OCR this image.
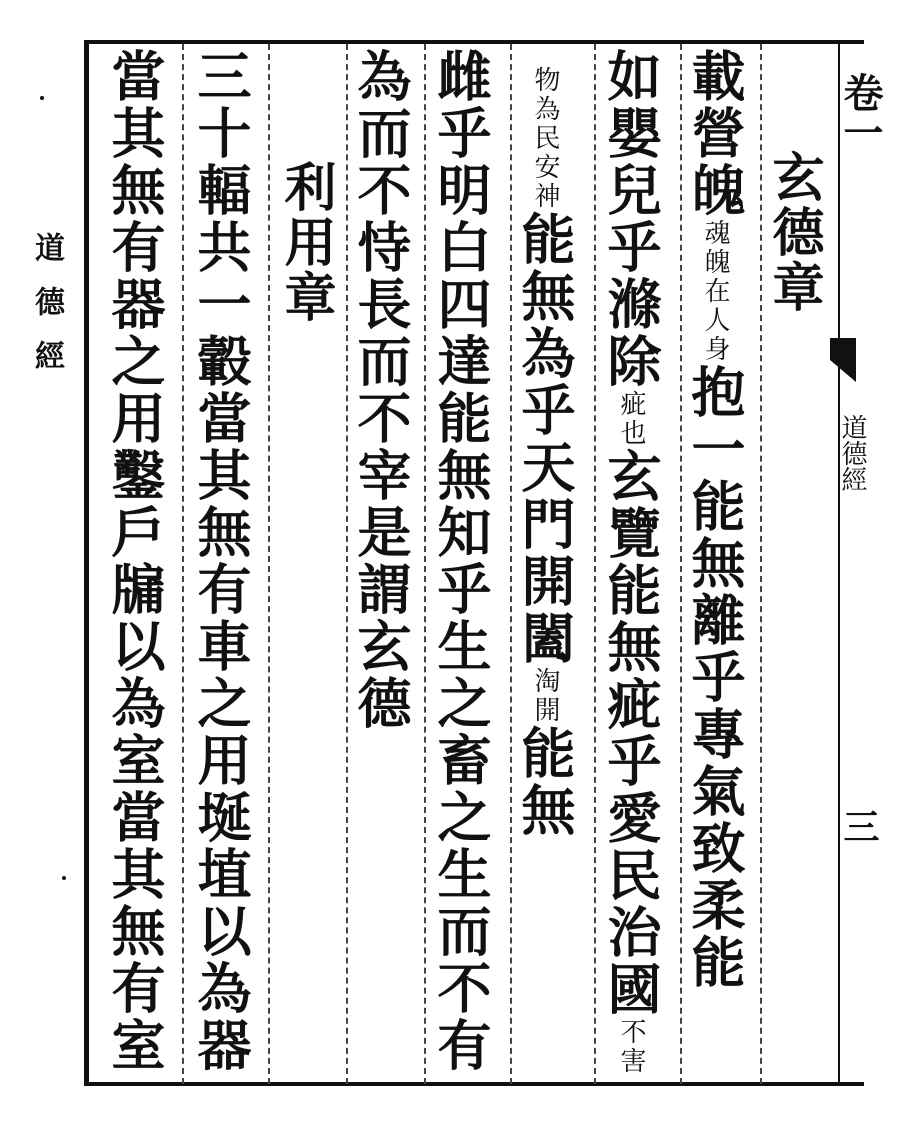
道德經
卷一
道德經
三
玄德章
載營魄魂魄在人身抱一能無離乎專氣致柔能
如嬰兒乎滌除疵也玄覽能無疵乎愛民治國不害
物為民安神能無為乎天門開闔淘開能無
雌乎明白四達能無知乎生之畜之生而不有
為而不恃長而不宰是謂玄德
利用章
三十輻共一轂當其無有車之用埏埴以為器
當其無有器之用鑿戶牖以為室當其無有室
